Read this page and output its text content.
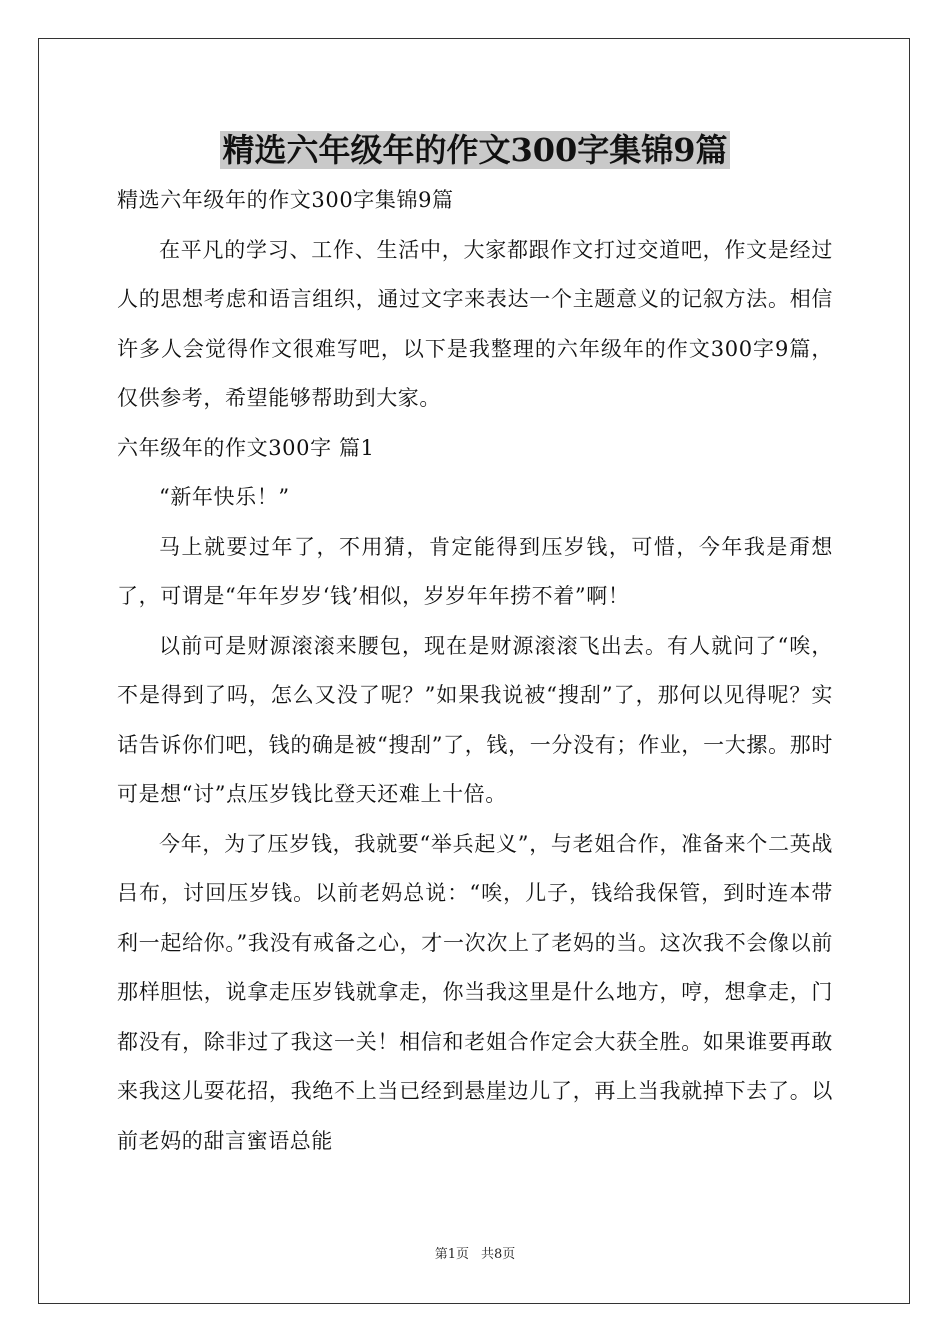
精选六年级年的作文300字集锦9篇

精选六年级年的作文300字集锦9篇

在平凡的学习、工作、生活中，大家都跟作文打过交道吧，作文是经过人的思想考虑和语言组织，通过文字来表达一个主题意义的记叙方法。相信许多人会觉得作文很难写吧，以下是我整理的六年级年的作文300字9篇，仅供参考，希望能够帮助到大家。

六年级年的作文300字 篇1

“新年快乐！”

马上就要过年了，不用猜，肯定能得到压岁钱，可惜，今年我是甭想了，可谓是“年年岁岁‘钱’相似，岁岁年年捞不着”啊！

以前可是财源滚滚来腰包，现在是财源滚滚飞出去。有人就问了“唉，不是得到了吗，怎么又没了呢？”如果我说被“搜刮”了，那何以见得呢？实话告诉你们吧，钱的确是被“搜刮”了，钱，一分没有；作业，一大摞。那时可是想“讨”点压岁钱比登天还难上十倍。

今年，为了压岁钱，我就要“举兵起义”，与老姐合作，准备来个二英战吕布，讨回压岁钱。以前老妈总说：“唉，儿子，钱给我保管，到时连本带利一起给你。”我没有戒备之心，才一次次上了老妈的当。这次我不会像以前那样胆怯，说拿走压岁钱就拿走，你当我这里是什么地方，哼，想拿走，门都没有，除非过了我这一关！相信和老姐合作定会大获全胜。如果谁要再敢来我这儿耍花招，我绝不上当已经到悬崖边儿了，再上当我就掉下去了。以前老妈的甜言蜜语总能

第1页 共8页
